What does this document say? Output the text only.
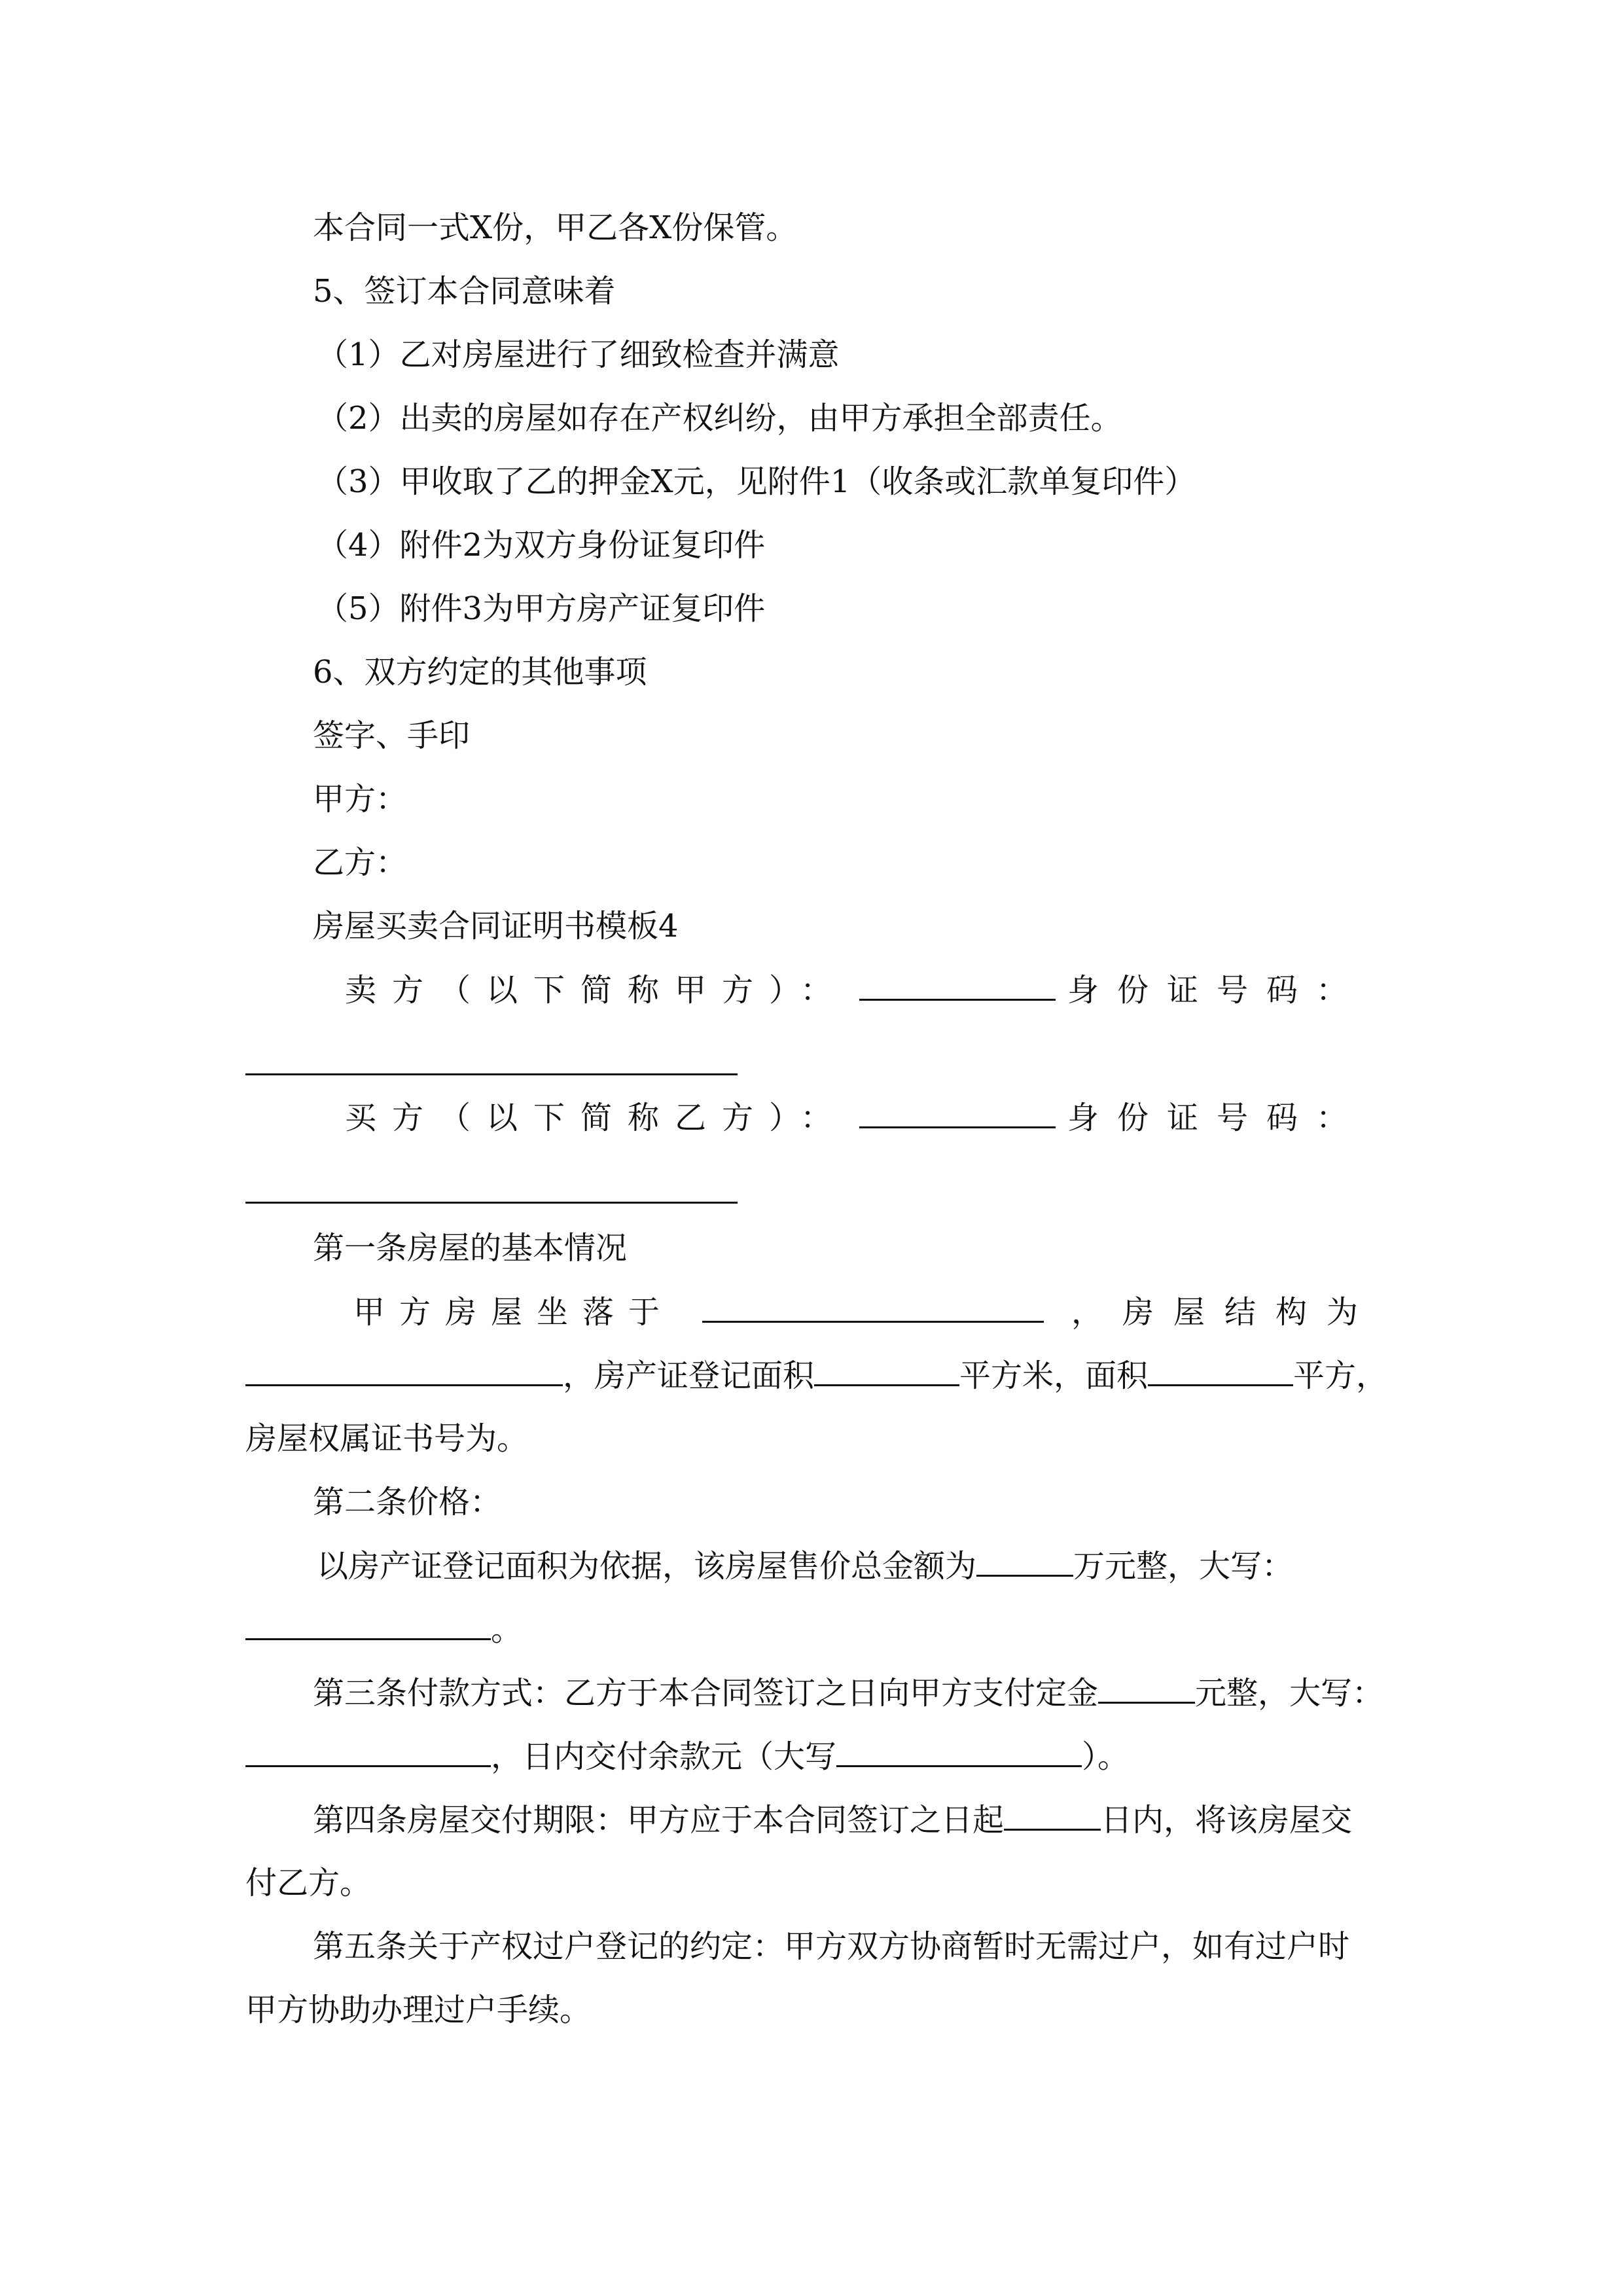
本合同一式X份，甲乙各X份保管。
5、签订本合同意味着
（1）乙对房屋进行了细致检查并满意
（2）出卖的房屋如存在产权纠纷，由甲方承担全部责任。
（3）甲收取了乙的押金X元，见附件1（收条或汇款单复印件）
（4）附件2为双方身份证复印件
（5）附件3为甲方房产证复印件
6、双方约定的其他事项
签字、手印
甲方：
乙方：
房屋买卖合同证明书模板4
卖方（以下简称甲方）：	身份证号码：
买方（以下简称乙方）：	身份证号码：
第一条房屋的基本情况
甲方房屋坐落于	，房屋结构为
，房产证登记面积	平方米，面积	平方，
房屋权属证书号为。
第二条价格：
以房产证登记面积为依据，该房屋售价总金额为	万元整，大写：
。
第三条付款方式：乙方于本合同签订之日向甲方支付定金	元整，大写：
，日内交付余款元（大写	）。
第四条房屋交付期限：甲方应于本合同签订之日起	日内，将该房屋交
付乙方。
第五条关于产权过户登记的约定：甲方双方协商暂时无需过户，如有过户时
甲方协助办理过户手续。
